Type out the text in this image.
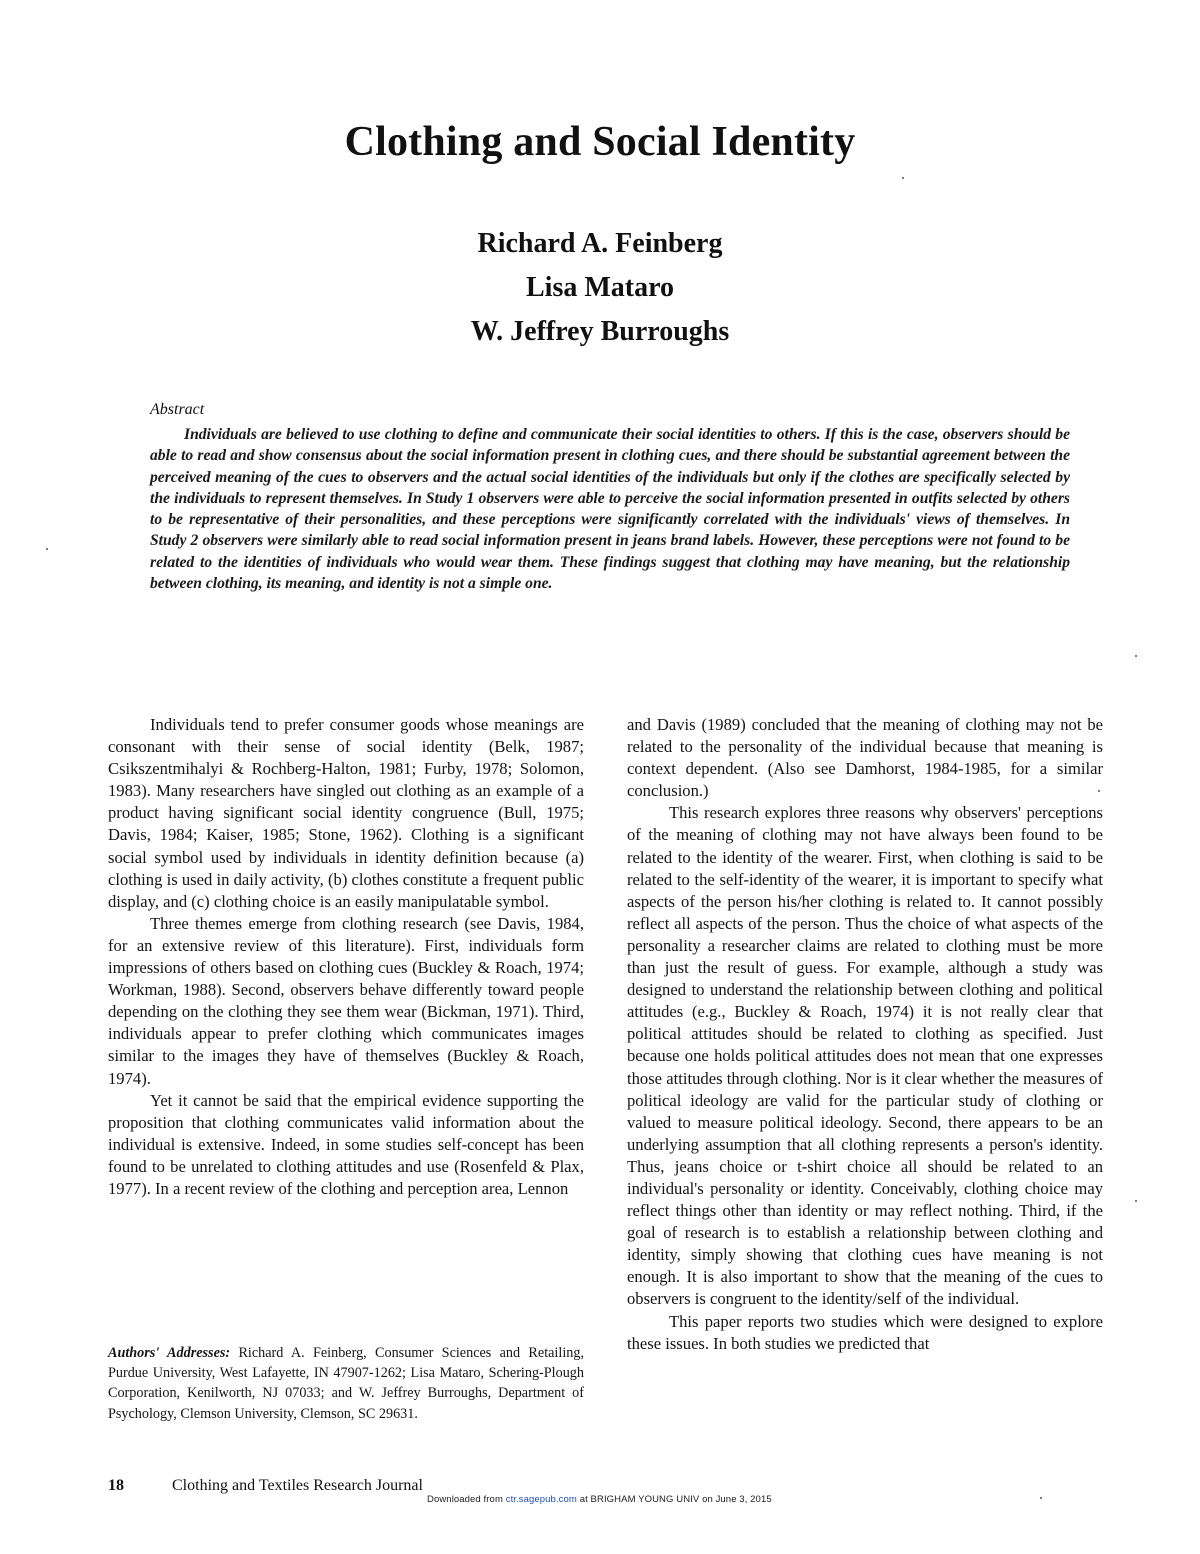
Clothing and Social Identity
Richard A. Feinberg
Lisa Mataro
W. Jeffrey Burroughs
Abstract
Individuals are believed to use clothing to define and communicate their social identities to others. If this is the case, observers should be able to read and show consensus about the social information present in clothing cues, and there should be substantial agreement between the perceived meaning of the cues to observers and the actual social identities of the individuals but only if the clothes are specifically selected by the individuals to represent themselves. In Study 1 observers were able to perceive the social information presented in outfits selected by others to be representative of their personalities, and these perceptions were significantly correlated with the individuals' views of themselves. In Study 2 observers were similarly able to read social information present in jeans brand labels. However, these perceptions were not found to be related to the identities of individuals who would wear them. These findings suggest that clothing may have meaning, but the relationship between clothing, its meaning, and identity is not a simple one.

Individuals tend to prefer consumer goods whose meanings are consonant with their sense of social identity (Belk, 1987; Csikszentmihalyi & Rochberg-Halton, 1981; Furby, 1978; Solomon, 1983). Many researchers have singled out clothing as an example of a product having significant social identity congruence (Bull, 1975; Davis, 1984; Kaiser, 1985; Stone, 1962). Clothing is a significant social symbol used by individuals in identity definition because (a) clothing is used in daily activity, (b) clothes constitute a frequent public display, and (c) clothing choice is an easily manipulatable symbol.

Three themes emerge from clothing research (see Davis, 1984, for an extensive review of this literature). First, individuals form impressions of others based on clothing cues (Buckley & Roach, 1974; Workman, 1988). Second, observers behave differently toward people depending on the clothing they see them wear (Bickman, 1971). Third, individuals appear to prefer clothing which communicates images similar to the images they have of themselves (Buckley & Roach, 1974).

Yet it cannot be said that the empirical evidence supporting the proposition that clothing communicates valid information about the individual is extensive. Indeed, in some studies self-concept has been found to be unrelated to clothing attitudes and use (Rosenfeld & Plax, 1977). In a recent review of the clothing and perception area, Lennon

and Davis (1989) concluded that the meaning of clothing may not be related to the personality of the individual because that meaning is context dependent. (Also see Damhorst, 1984-1985, for a similar conclusion.)

This research explores three reasons why observers' perceptions of the meaning of clothing may not have always been found to be related to the identity of the wearer. First, when clothing is said to be related to the self-identity of the wearer, it is important to specify what aspects of the person his/her clothing is related to. It cannot possibly reflect all aspects of the person. Thus the choice of what aspects of the personality a researcher claims are related to clothing must be more than just the result of guess. For example, although a study was designed to understand the relationship between clothing and political attitudes (e.g., Buckley & Roach, 1974) it is not really clear that political attitudes should be related to clothing as specified. Just because one holds political attitudes does not mean that one expresses those attitudes through clothing. Nor is it clear whether the measures of political ideology are valid for the particular study of clothing or valued to measure political ideology. Second, there appears to be an underlying assumption that all clothing represents a person's identity. Thus, jeans choice or t-shirt choice all should be related to an individual's personality or identity. Conceivably, clothing choice may reflect things other than identity or may reflect nothing. Third, if the goal of research is to establish a relationship between clothing and identity, simply showing that clothing cues have meaning is not enough. It is also important to show that the meaning of the cues to observers is congruent to the identity/self of the individual.

This paper reports two studies which were designed to explore these issues. In both studies we predicted that

Authors' Addresses: Richard A. Feinberg, Consumer Sciences and Retailing, Purdue University, West Lafayette, IN 47907-1262; Lisa Mataro, Schering-Plough Corporation, Kenilworth, NJ 07033; and W. Jeffrey Burroughs, Department of Psychology, Clemson University, Clemson, SC 29631.
18	Clothing and Textiles Research Journal
Downloaded from ctr.sagepub.com at BRIGHAM YOUNG UNIV on June 3, 2015
